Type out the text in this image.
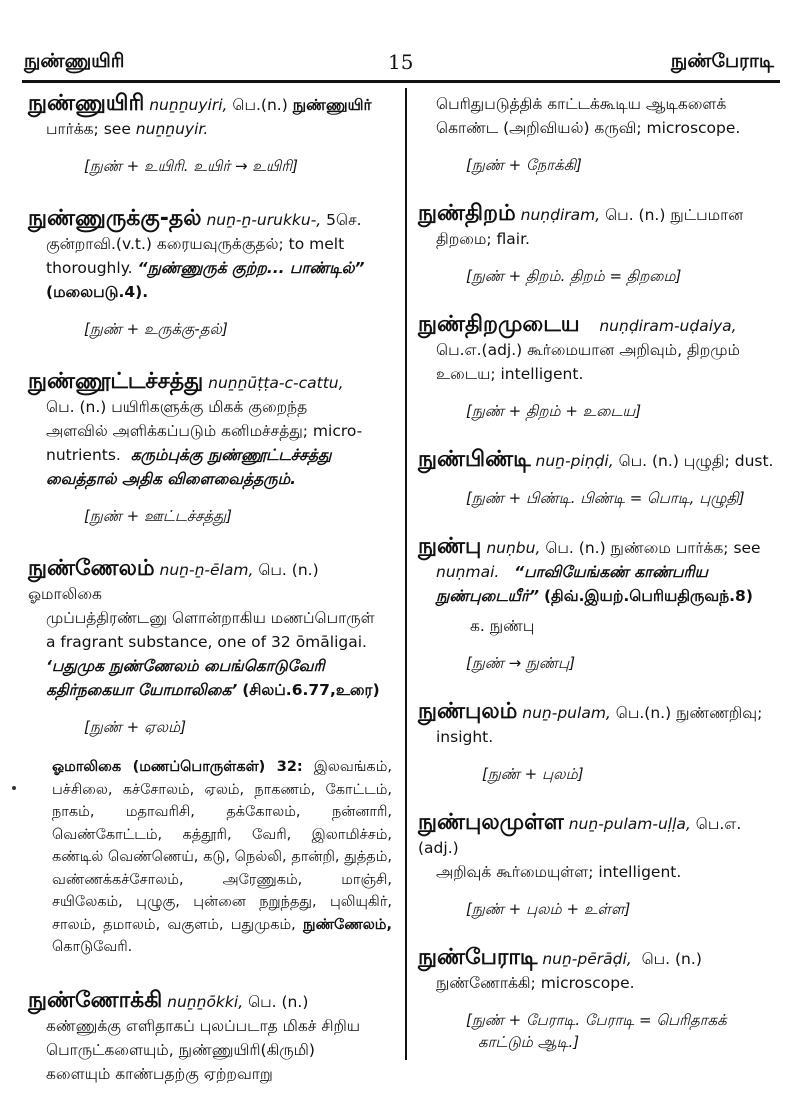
நுண்ணுயிரி	15	நுண்பேராடி
நுண்ணுயிரி nuṉṉuyiri, பெ.(n.) நுண்ணுயிர்
பார்க்க; see nuṉṉuyir.
[நுண் + உயிரி. உயிர் → உயிரி]
நுண்ணுருக்கு-தல் nuṉ-ṉ-urukku-, 5செ.
குன்றாவி.(v.t.) கரையவுருக்குதல்; to melt
thoroughly. “நுண்ணுருக் குற்ற... பாண்டில்”
(மலைபடு.4).
[நுண் + உருக்கு-தல்]
நுண்ணூட்டச்சத்து nuṉṉūṭṭa-c-cattu,
பெ. (n.) பயிரிகளுக்கு மிகக் குறைந்த
அளவில் அளிக்கப்படும் கனிமச்சத்து; micro-
nutrients. கரும்புக்கு நுண்ணூட்டச்சத்து
வைத்தால் அதிக விளைவைத்தரும்.
[நுண் + ஊட்டச்சத்து]
நுண்ணேலம் nuṉ-ṉ-ēlam, பெ. (n.) ஓமாலிகை
முப்பத்திரண்டனு ளொன்றாகிய மணப்பொருள்
a fragrant substance, one of 32 ōmāligai.
‘பதுமுக நுண்ணேலம் பைங்கொடுவேரி
கதிர்நகையா யோமாலிகை’ (சிலப்.6.77,உரை)
[நுண் + ஏலம்]
ஓமாலிகை (மணப்பொருள்கள்) 32: இலவங்கம், பச்சிலை, கச்சோலம், ஏலம், நாகணம், கோட்டம், நாகம், மதாவரிசி, தக்கோலம், நன்னாரி, வெண்கோட்டம், கத்தூரி, வேரி, இலாமிச்சம், கண்டில் வெண்ணெய், கடு, நெல்லி, தான்றி, துத்தம், வண்ணக்கச்சோலம், அரேணுகம், மாஞ்சி, சயிலேகம், புழுகு, புன்னை நறுந்தது, புலியுகிர், சாலம், தமாலம், வகுளம், பதுமுகம், நுண்ணேலம், கொடுவேரி.
நுண்ணோக்கி nuṉṉōkki, பெ. (n.)
கண்ணுக்கு எளிதாகப் புலப்படாத மிகச் சிறிய
பொருட்களையும், நுண்ணுயிரி(கிருமி)
களையும் காண்பதற்கு ஏற்றவாறு
பெரிதுபடுத்திக் காட்டக்கூடிய ஆடிகளைக்
கொண்ட (அறிவியல்) கருவி; microscope.
[நுண் + நோக்கி]
நுண்திறம் nuṇḍiram, பெ. (n.) நுட்பமான
திறமை; flair.
[நுண் + திறம். திறம் = திறமை]
நுண்திறமுடைய nuṇḍiram-uḍaiya,
பெ.எ.(adj.) கூர்மையான அறிவும், திறமும்
உடைய; intelligent.
[நுண் + திறம் + உடைய]
நுண்பிண்டி nuṉ-piṇḍi, பெ. (n.) புழுதி; dust.
[நுண் + பிண்டி. பிண்டி = பொடி, புழுதி]
நுண்பு nuṇbu, பெ. (n.) நுண்மை பார்க்க; see
nuṇmai. “பாவியேங்கண் காண்பரிய
நுண்புடையீர்” (திவ்.இயற்.பெரியதிருவந்.8)
க. நுண்பு
[நுண் → நுண்பு]
நுண்புலம் nuṉ-pulam, பெ.(n.) நுண்ணறிவு;
insight.
[நுண் + புலம்]
நுண்புலமுள்ள nuṉ-pulam-uḷḷa, பெ.எ.(adj.)
அறிவுக் கூர்மையுள்ள; intelligent.
[நுண் + புலம் + உள்ள]
நுண்பேராடி nuṉ-pērāḍi, பெ. (n.)
நுண்ணோக்கி; microscope.
[நுண் + பேராடி. பேராடி = பெரிதாகக்
காட்டும் ஆடி.]
